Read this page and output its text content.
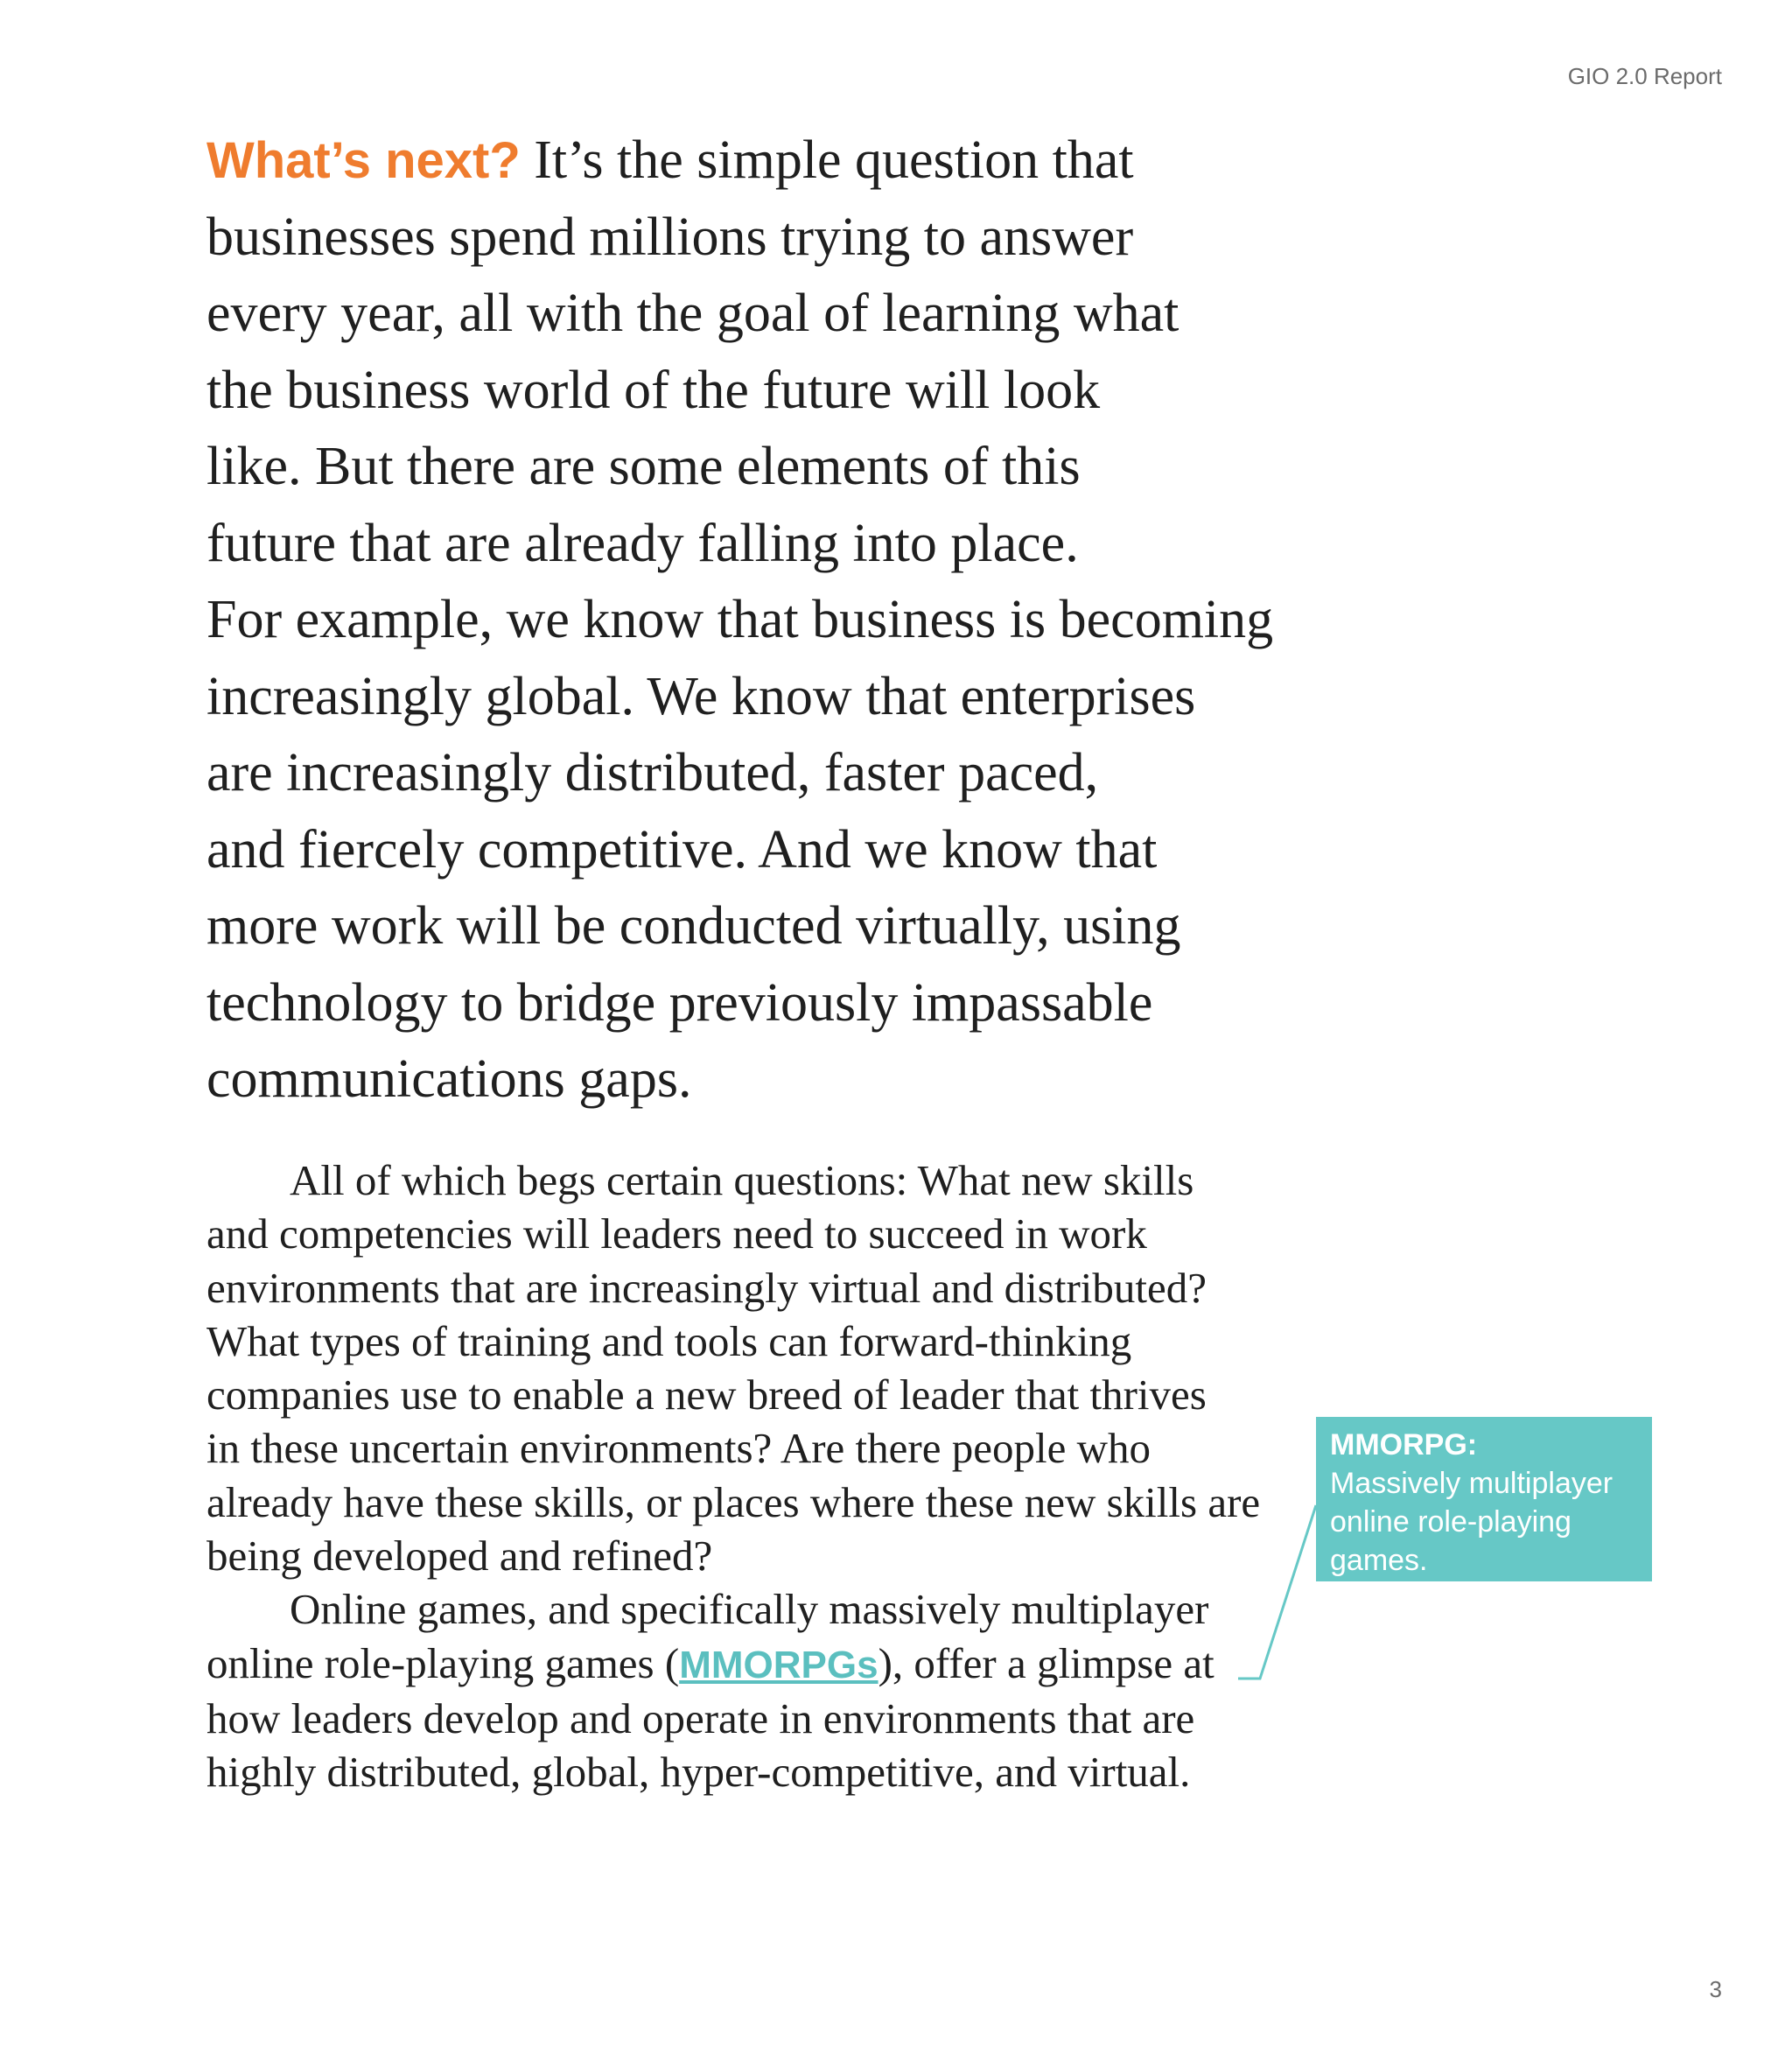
GIO 2.0 Report
What’s next? It’s the simple question that
businesses spend millions trying to answer
every year, all with the goal of learning what
the business world of the future will look
like. But there are some elements of this
future that are already falling into place.
For example, we know that business is becoming
increasingly global. We know that enterprises
are increasingly distributed, faster paced,
and fiercely competitive. And we know that
more work will be conducted virtually, using
technology to bridge previously impassable
communications gaps.
All of which begs certain questions: What new skills
and competencies will leaders need to succeed in work
environments that are increasingly virtual and distributed?
What types of training and tools can forward-thinking
companies use to enable a new breed of leader that thrives
in these uncertain environments? Are there people who
already have these skills, or places where these new skills are
being developed and refined?
Online games, and specifically massively multiplayer
online role-playing games (MMORPGs), offer a glimpse at
how leaders develop and operate in environments that are
highly distributed, global, hyper-competitive, and virtual.
MMORPG:
Massively multiplayer online role-playing games.
3
